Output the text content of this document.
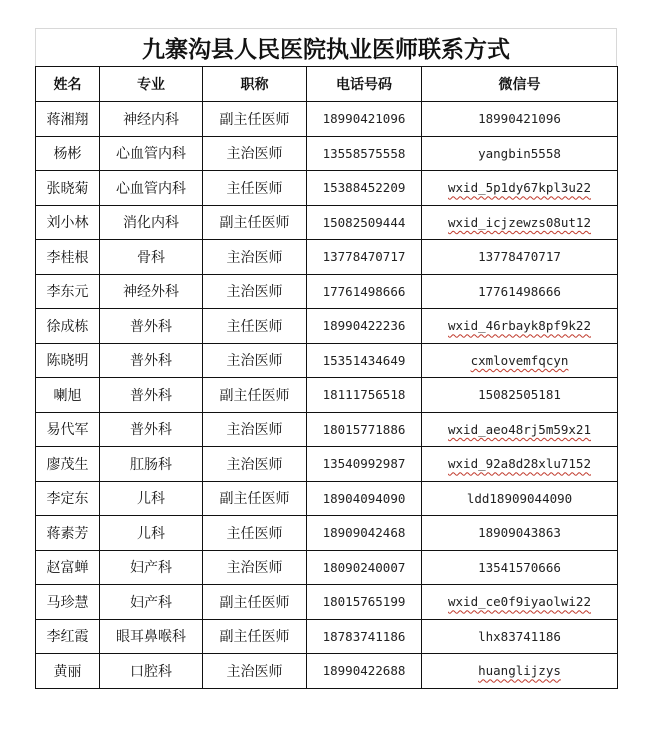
九寨沟县人民医院执业医师联系方式
姓名	专业	职称	电话号码	微信号
蒋湘翔	神经内科	副主任医师	18990421096	18990421096
杨彬	心血管内科	主治医师	13558575558	yangbin5558
张晓菊	心血管内科	主任医师	15388452209	wxid_5p1dy67kpl3u22
刘小林	消化内科	副主任医师	15082509444	wxid_icjzewzs08ut12
李桂根	骨科	主治医师	13778470717	13778470717
李东元	神经外科	主治医师	17761498666	17761498666
徐成栋	普外科	主任医师	18990422236	wxid_46rbayk8pf9k22
陈晓明	普外科	主治医师	15351434649	cxmlovemfqcyn
喇旭	普外科	副主任医师	18111756518	15082505181
易代军	普外科	主治医师	18015771886	wxid_aeo48rj5m59x21
廖茂生	肛肠科	主治医师	13540992987	wxid_92a8d28xlu7152
李定东	儿科	副主任医师	18904094090	ldd18909044090
蒋素芳	儿科	主任医师	18909042468	18909043863
赵富蝉	妇产科	主治医师	18090240007	13541570666
马珍慧	妇产科	副主任医师	18015765199	wxid_ce0f9iyaolwi22
李红霞	眼耳鼻喉科	副主任医师	18783741186	lhx83741186
黄丽	口腔科	主治医师	18990422688	huanglijzys
